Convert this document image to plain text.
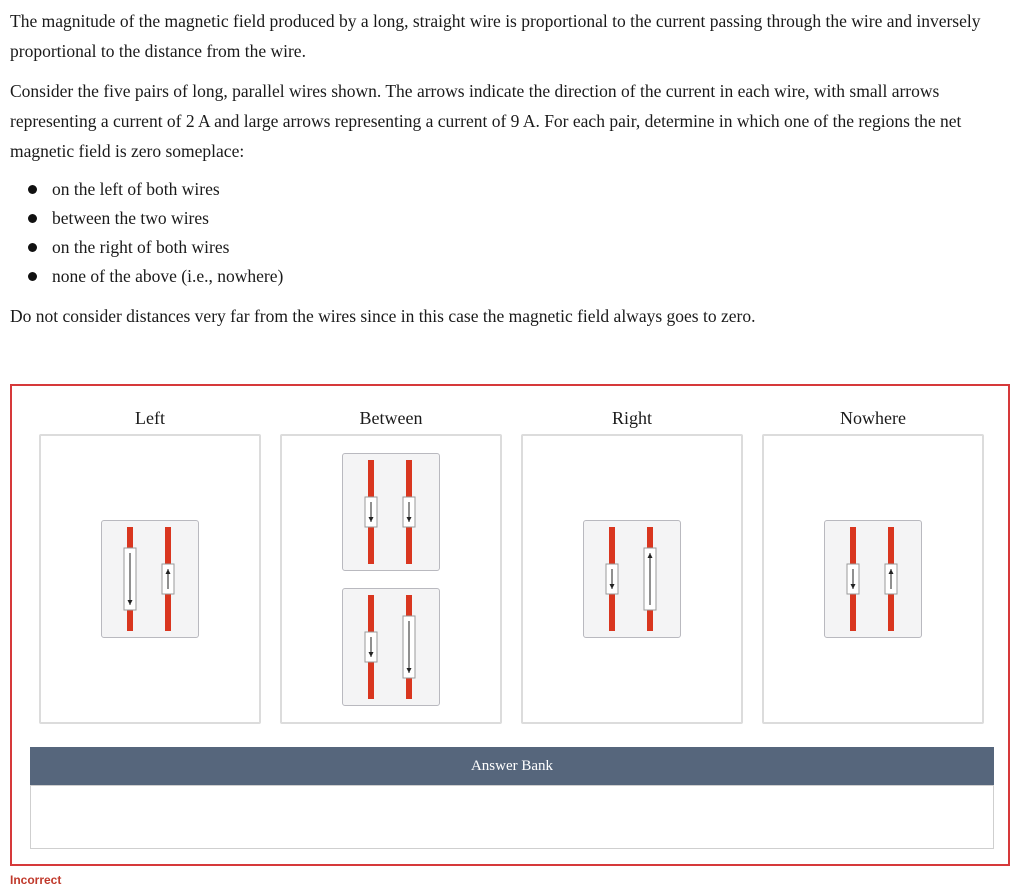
The magnitude of the magnetic field produced by a long, straight wire is proportional to the current passing through the wire and inversely proportional to the distance from the wire.

Consider the five pairs of long, parallel wires shown. The arrows indicate the direction of the current in each wire, with small arrows representing a current of 2 A and large arrows representing a current of 9 A. For each pair, determine in which one of the regions the net magnetic field is zero someplace:

on the left of both wires
between the two wires
on the right of both wires
none of the above (i.e., nowhere)

Do not consider distances very far from the wires since in this case the magnetic field always goes to zero.

Left	Between	Right	Nowhere
Answer Bank
Incorrect
